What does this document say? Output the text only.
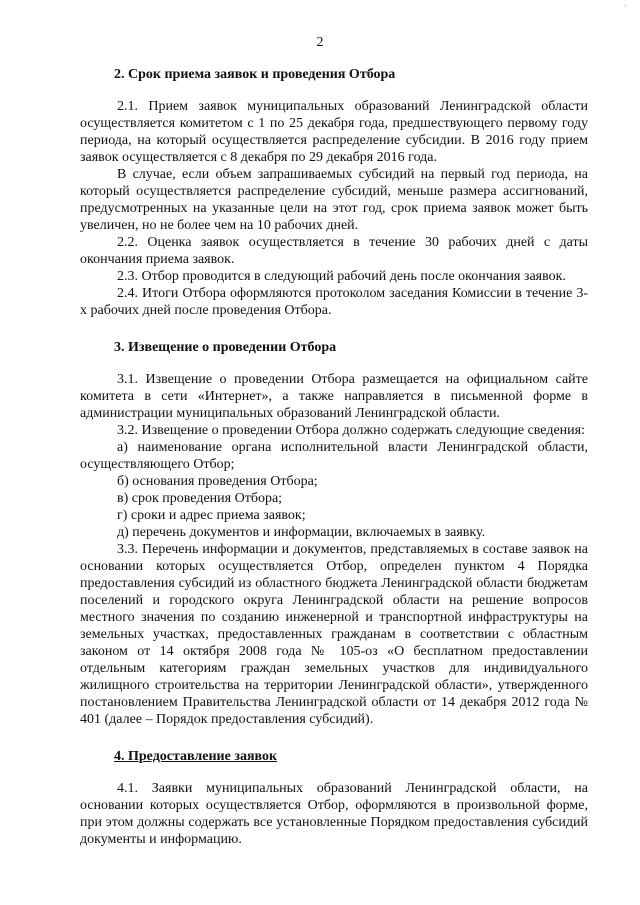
·
2
2. Срок приема заявок и проведения Отбора

2.1. Прием заявок муниципальных образований Ленинградской области осуществляется комитетом с 1 по 25 декабря года, предшествующего первому году периода, на который осуществляется распределение субсидии. В 2016 году прием заявок осуществляется с 8 декабря по 29 декабря 2016 года.

В случае, если объем запрашиваемых субсидий на первый год периода, на который осуществляется распределение субсидий, меньше размера ассигнований, предусмотренных на указанные цели на этот год, срок приема заявок может быть увеличен, но не более чем на 10 рабочих дней.

2.2. Оценка заявок осуществляется в течение 30 рабочих дней с даты окончания приема заявок.

2.3. Отбор проводится в следующий рабочий день после окончания заявок.

2.4. Итоги Отбора оформляются протоколом заседания Комиссии в течение 3-х рабочих дней после проведения Отбора.

3. Извещение о проведении Отбора

3.1. Извещение о проведении Отбора размещается на официальном сайте комитета в сети «Интернет», а также направляется в письменной форме в администрации муниципальных образований Ленинградской области.

3.2. Извещение о проведении Отбора должно содержать следующие сведения:

а) наименование органа исполнительной власти Ленинградской области, осуществляющего Отбор;

б) основания проведения Отбора;

в) срок проведения Отбора;

г) сроки и адрес приема заявок;

д) перечень документов и информации, включаемых в заявку.

3.3. Перечень информации и документов, представляемых в составе заявок на основании которых осуществляется Отбор, определен пунктом 4 Порядка предоставления субсидий из областного бюджета Ленинградской области бюджетам поселений и городского округа Ленинградской области на решение вопросов местного значения по созданию инженерной и транспортной инфраструктуры на земельных участках, предоставленных гражданам в соответствии с областным законом от 14 октября 2008 года № 105-оз «О бесплатном предоставлении отдельным категориям граждан земельных участков для индивидуального жилищного строительства на территории Ленинградской области», утвержденного постановлением Правительства Ленинградской области от 14 декабря 2012 года № 401 (далее – Порядок предоставления субсидий).

4. Предоставление заявок

4.1. Заявки муниципальных образований Ленинградской области, на основании которых осуществляется Отбор, оформляются в произвольной форме, при этом должны содержать все установленные Порядком предоставления субсидий документы и информацию.
